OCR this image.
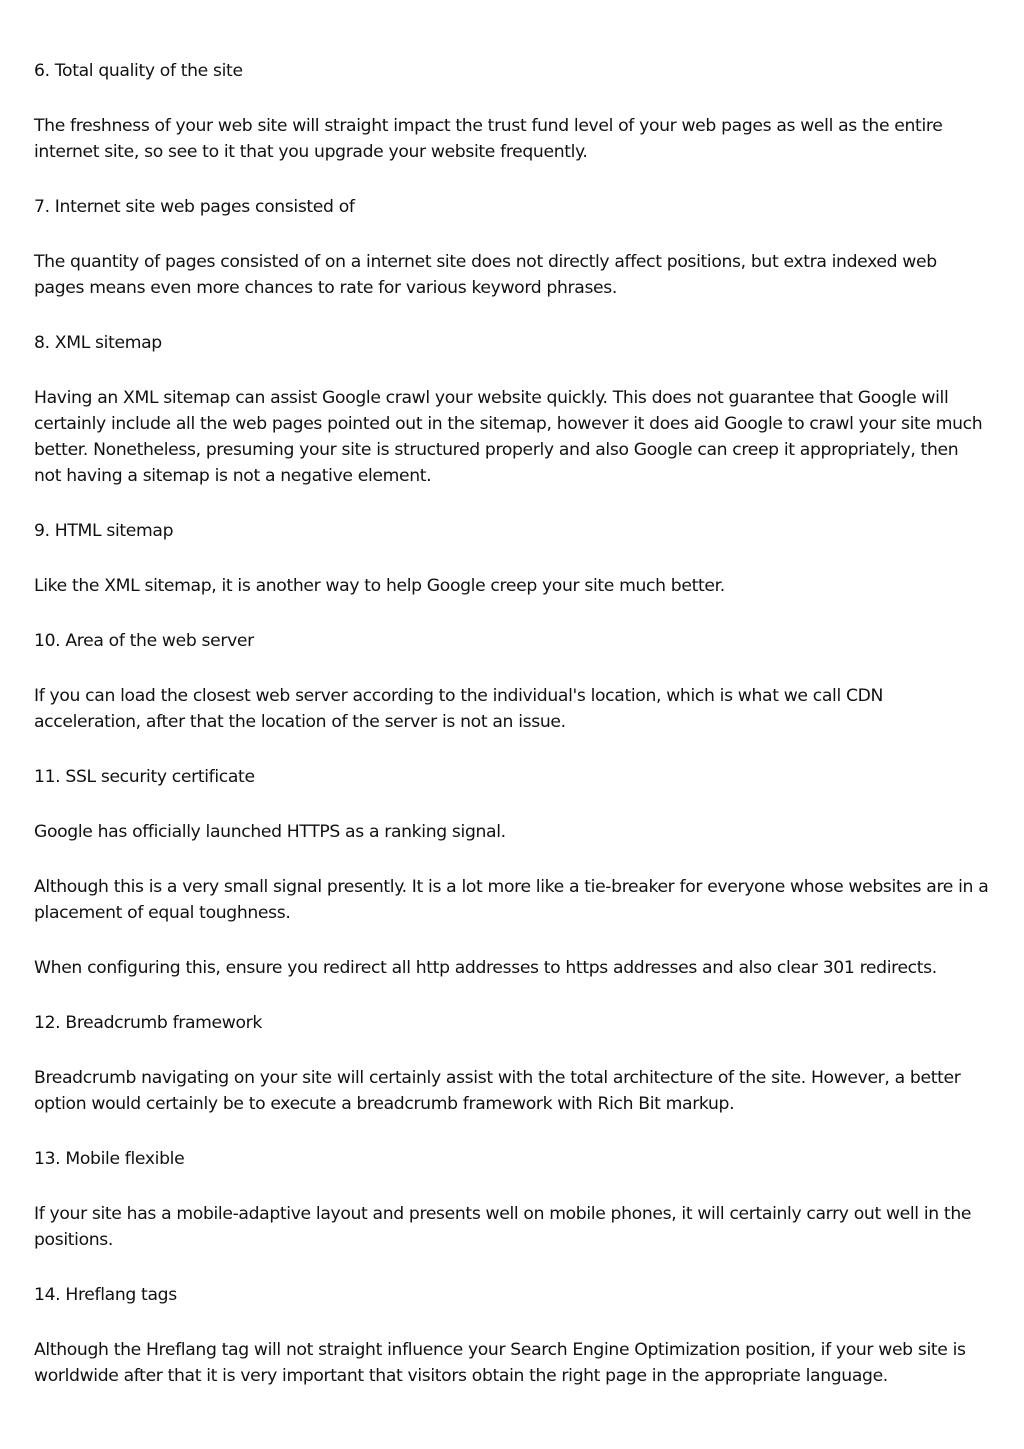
6. Total quality of the site

The freshness of your web site will straight impact the trust fund level of your web pages as well as the entire internet site, so see to it that you upgrade your website frequently.

7. Internet site web pages consisted of

The quantity of pages consisted of on a internet site does not directly affect positions, but extra indexed web pages means even more chances to rate for various keyword phrases.

8. XML sitemap

Having an XML sitemap can assist Google crawl your website quickly. This does not guarantee that Google will certainly include all the web pages pointed out in the sitemap, however it does aid Google to crawl your site much better. Nonetheless, presuming your site is structured properly and also Google can creep it appropriately, then not having a sitemap is not a negative element.

9. HTML sitemap

Like the XML sitemap, it is another way to help Google creep your site much better.

10. Area of the web server

If you can load the closest web server according to the individual's location, which is what we call CDN acceleration, after that the location of the server is not an issue.

11. SSL security certificate

Google has officially launched HTTPS as a ranking signal.

Although this is a very small signal presently. It is a lot more like a tie-breaker for everyone whose websites are in a placement of equal toughness.

When configuring this, ensure you redirect all http addresses to https addresses and also clear 301 redirects.

12. Breadcrumb framework

Breadcrumb navigating on your site will certainly assist with the total architecture of the site. However, a better option would certainly be to execute a breadcrumb framework with Rich Bit markup.

13. Mobile flexible

If your site has a mobile-adaptive layout and presents well on mobile phones, it will certainly carry out well in the positions.

14. Hreflang tags

Although the Hreflang tag will not straight influence your Search Engine Optimization position, if your web site is worldwide after that it is very important that visitors obtain the right page in the appropriate language.
